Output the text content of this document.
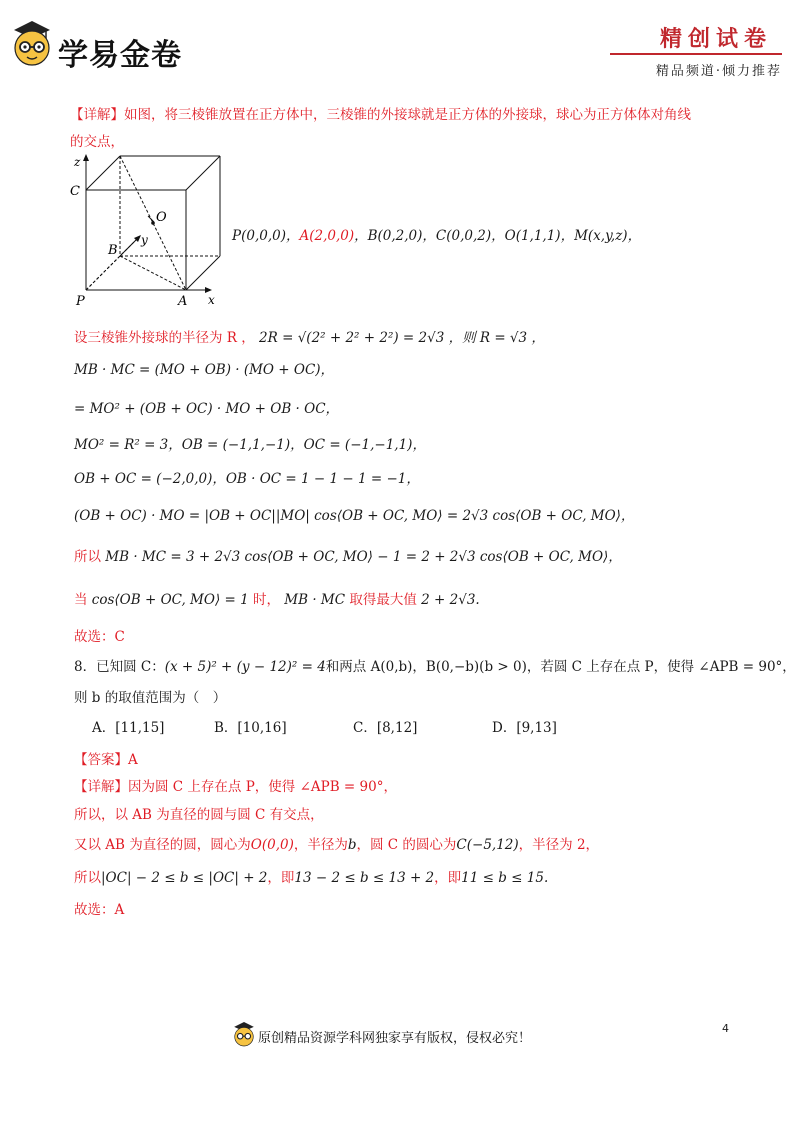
学易金卷	精创试卷
精品频道·倾力推荐
【详解】如图，将三棱锥放置在正方体中，三棱锥的外接球就是正方体的外接球，球心为正方体体对角线
的交点，
z
C
O
B
y
P	A x
P(0,0,0)，A(2,0,0)，B(0,2,0)，C(0,0,2)，O(1,1,1)，M(x,y,z)，
设三棱锥外接球的半径为 R ， 2R = √(2² + 2² + 2²) = 2√3 ，则 R = √3 ，
MB · MC = (MO + OB) · (MO + OC)，
= MO² + (OB + OC) · MO + OB · OC，
MO² = R² = 3，OB = (−1,1,−1)，OC = (−1,−1,1)，
OB + OC = (−2,0,0)，OB · OC = 1 − 1 − 1 = −1，
(OB + OC) · MO = |OB + OC||MO| cos⟨OB + OC, MO⟩ = 2√3 cos⟨OB + OC, MO⟩，
所以 MB · MC = 3 + 2√3 cos⟨OB + OC, MO⟩ − 1 = 2 + 2√3 cos⟨OB + OC, MO⟩，
当 cos⟨OB + OC, MO⟩ = 1 时， MB · MC 取得最大值 2 + 2√3.
故选：C
8．已知圆 C：(x + 5)² + (y − 12)² = 4和两点 A(0,b)，B(0,−b)(b > 0)，若圆 C 上存在点 P，使得 ∠APB = 90°，
则 b 的取值范围为（　）
A．[11,15]	B．[10,16]	C．[8,12]	D．[9,13]
【答案】A
【详解】因为圆 C 上存在点 P，使得 ∠APB = 90°，
所以，以 AB 为直径的圆与圆 C 有交点，
又以 AB 为直径的圆，圆心为O(0,0)，半径为b，圆 C 的圆心为C(−5,12)，半径为 2，
所以|OC| − 2 ≤ b ≤ |OC| + 2，即13 − 2 ≤ b ≤ 13 + 2，即11 ≤ b ≤ 15.
故选：A
原创精品资源学科网独家享有版权，侵权必究！
4
